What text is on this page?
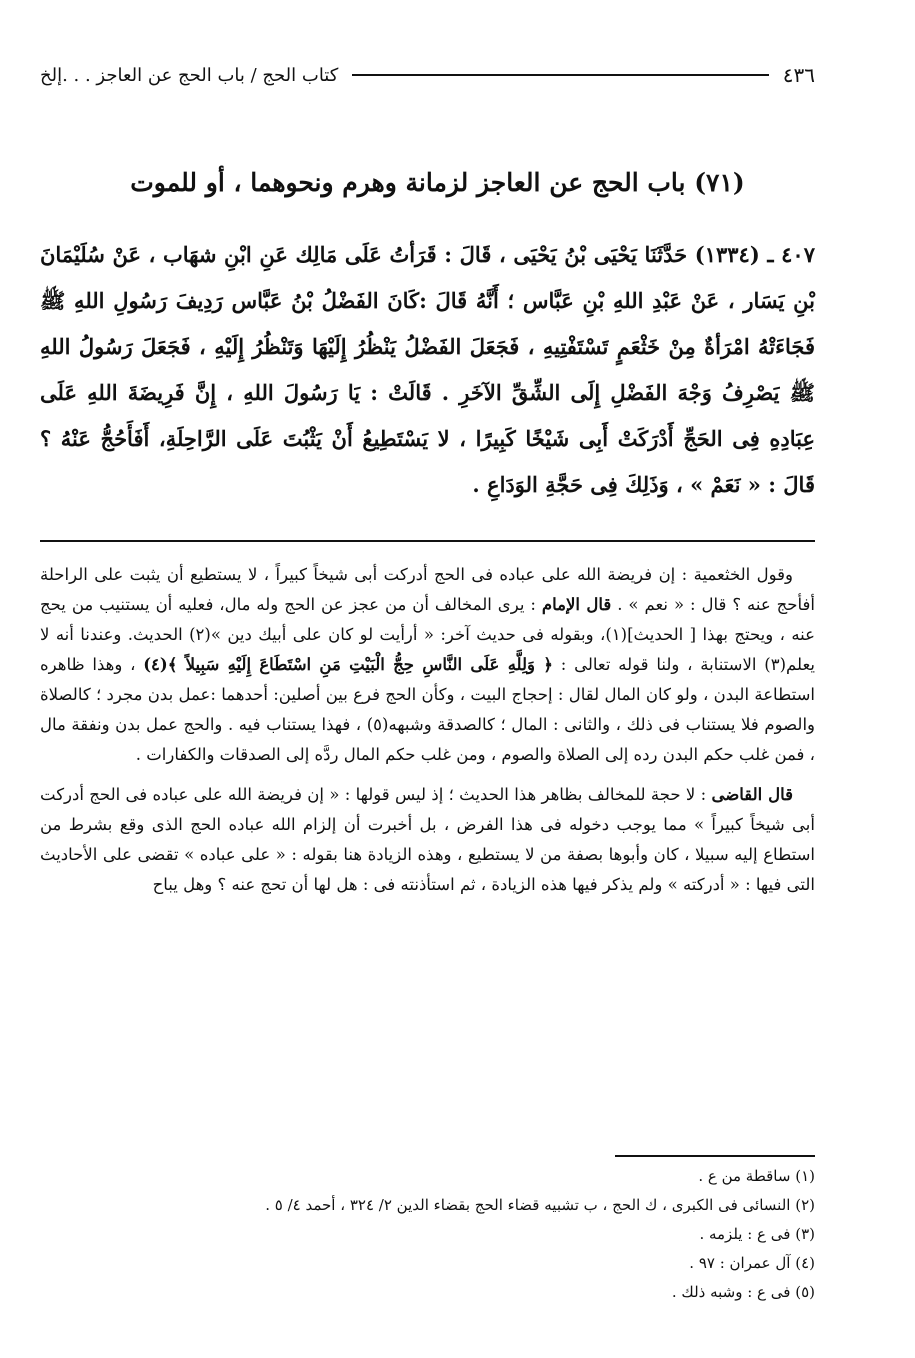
٤٣٦
كتاب الحج / باب الحج عن العاجز . . .إلخ
(٧١) باب الحج عن العاجز لزمانة وهرم ونحوهما ، أو للموت
٤٠٧ ـ (١٣٣٤) حَدَّثَنَا يَحْيَى بْنُ يَحْيَى ، قَالَ : قَرَأتُ عَلَى مَالِك عَنِ ابْنِ شهَاب ، عَنْ سُلَيْمَانَ بْنِ يَسَار ، عَنْ عَبْدِ اللهِ بْنِ عَبَّاس ؛ أَنَّهُ قَالَ :كَانَ الفَضْلُ بْنُ عَبَّاس رَدِيفَ رَسُولِ اللهِ ﷺ فَجَاءَتْهُ امْرَأةٌ مِنْ خَثْعَمٍ تَسْتَفْتِيهِ ، فَجَعَلَ الفَضْلُ يَنْظُرُ إِلَيْهَا وَتَنْظُرُ إِلَيْهِ ، فَجَعَلَ رَسُولُ اللهِ ﷺ يَصْرِفُ وَجْهَ الفَضْلِ إِلَى الشِّقِّ الآخَرِ . قَالَتْ : يَا رَسُولَ اللهِ ، إِنَّ فَرِيضَةَ اللهِ عَلَى عِبَادِهِ فِى الحَجِّ أَدْرَكَتْ أَبِى شَيْخًا كَبِيرًا ، لا يَسْتَطِيعُ أَنْ يَثْبُتَ عَلَى الرَّاحِلَةِ، أَفَأَحُجُّ عَنْهُ ؟ قَالَ : « نَعَمْ » ، وَذَلِكَ فِى حَجَّةِ الوَدَاعِ .

وقول الخثعمية : إن فريضة الله على عباده فى الحج أدركت أبى شيخاً كبيراً ، لا يستطيع أن يثبت على الراحلة أفأحج عنه ؟ قال : « نعم » . قال الإمام : يرى المخالف أن من عجز عن الحج وله مال، فعليه أن يستنيب من يحج عنه ، ويحتج بهذا [ الحديث](١)، وبقوله فى حديث آخر: « أرأيت لو كان على أبيك دين »(٢) الحديث. وعندنا أنه لا يعلم(٣) الاستنابة ، ولنا قوله تعالى : ﴿ وَلِلَّهِ عَلَى النَّاسِ حِجُّ الْبَيْتِ مَنِ اسْتَطَاعَ إِلَيْهِ سَبِيلاً ﴾(٤) ، وهذا ظاهره استطاعة البدن ، ولو كان المال لقال : إحجاج البيت ، وكأن الحج فرع بين أصلين: أحدهما :عمل بدن مجرد ؛ كالصلاة والصوم فلا يستناب فى ذلك ، والثانى : المال ؛ كالصدقة وشبهه(٥) ، فهذا يستناب فيه . والحج عمل بدن ونفقة مال ، فمن غلب حكم البدن رده إلى الصلاة والصوم ، ومن غلب حكم المال ردَّه إلى الصدقات والكفارات .

قال القاضى : لا حجة للمخالف بظاهر هذا الحديث ؛ إذ ليس قولها : « إن فريضة الله على عباده فى الحج أدركت أبى شيخاً كبيراً » مما يوجب دخوله فى هذا الفرض ، بل أخبرت أن إلزام الله عباده الحج الذى وقع بشرط من استطاع إليه سبيلا ، كان وأبوها بصفة من لا يستطيع ، وهذه الزيادة هنا بقوله : « على عباده » تقضى على الأحاديث التى فيها : « أدركته » ولم يذكر فيها هذه الزيادة ، ثم استأذنته فى : هل لها أن تحج عنه ؟ وهل يباح

(١) ساقطة من ع .
(٢) النسائى فى الكبرى ، ك الحج ، ب تشبيه قضاء الحج بقضاء الدين ٢/ ٣٢٤ ، أحمد ٤/ ٥ .
(٣) فى ع : يلزمه .
(٤) آل عمران : ٩٧ .
(٥) فى ع : وشبه ذلك .
